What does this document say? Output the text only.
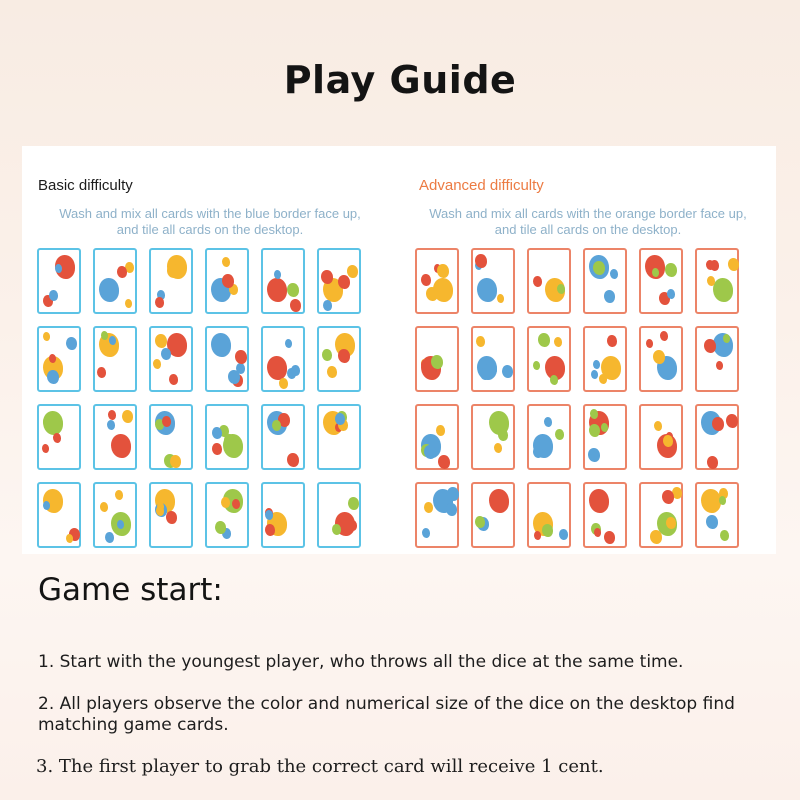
Play Guide
Basic difficulty
Wash and mix all cards with the blue border face up,
and tile all cards on the desktop.
Advanced difficulty
Wash and mix all cards with the orange border face up,
and tile all cards on the desktop.
Game start:
1. Start with the youngest player, who throws all the dice at the same time.
2. All players observe the color and numerical size of the dice on the desktop find matching game cards.
3. The first player to grab the correct card will receive 1 cent.
